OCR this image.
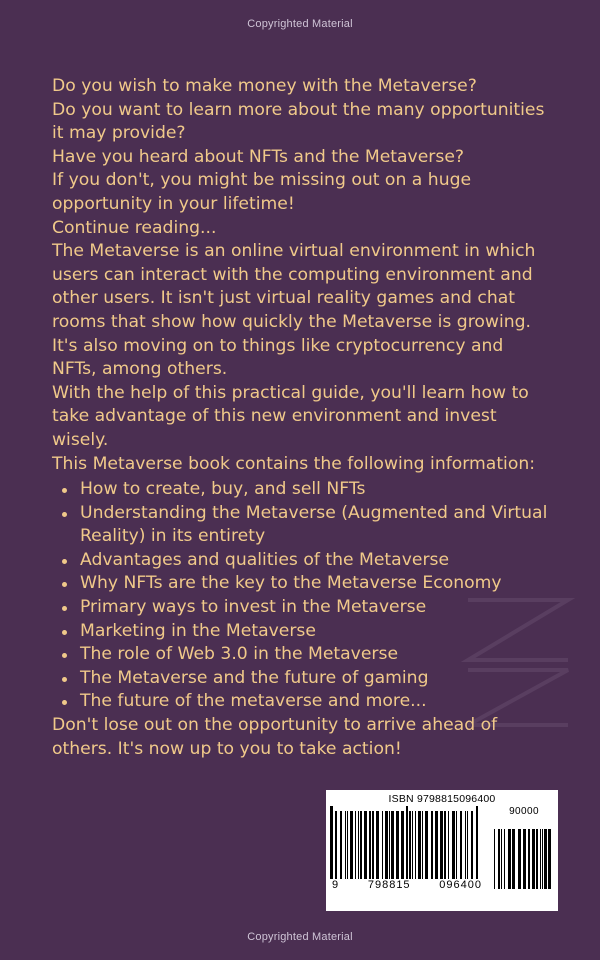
Copyrighted Material

Do you wish to make money with the Metaverse?

Do you want to learn more about the many opportunities it may provide?

Have you heard about NFTs and the Metaverse?

If you don't, you might be missing out on a huge opportunity in your lifetime!

Continue reading...

The Metaverse is an online virtual environment in which users can interact with the computing environment and other users. It isn't just virtual reality games and chat rooms that show how quickly the Metaverse is growing. It's also moving on to things like cryptocurrency and NFTs, among others.

With the help of this practical guide, you'll learn how to take advantage of this new environment and invest wisely.

This Metaverse book contains the following information:

How to create, buy, and sell NFTs
Understanding the Metaverse (Augmented and Virtual Reality) in its entirety
Advantages and qualities of the Metaverse
Why NFTs are the key to the Metaverse Economy
Primary ways to invest in the Metaverse
Marketing in the Metaverse
The role of Web 3.0 in the Metaverse
The Metaverse and the future of gaming
The future of the metaverse and more...

Don't lose out on the opportunity to arrive ahead of others. It's now up to you to take action!

ISBN 9798815096400
9	798815	096400
90000
Copyrighted Material
